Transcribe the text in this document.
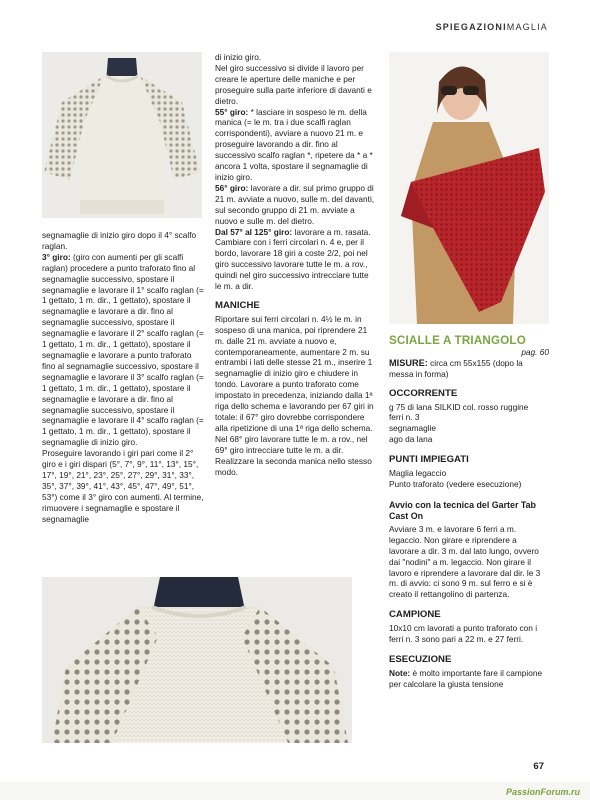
SPIEGAZIONIMAGLIA

segnamaglie di inizio giro dopo il 4° scalfo raglan.

3° giro: (giro con aumenti per gli scalfi raglan) procedere a punto traforato fino al segnamaglie successivo, spostare il segnamaglie e lavorare il 1° scalfo raglan (= 1 gettato, 1 m. dir., 1 gettato), spostare il segnamaglie e lavorare a dir. fino al segnamaglie successivo, spostare il segnamaglie e lavorare il 2° scalfo raglan (= 1 gettato, 1 m. dir., 1 gettato), spostare il segnamaglie e lavorare a punto traforato fino al segnamaglie successivo, spostare il segnamaglie e lavorare il 3° scalfo raglan (= 1 gettato, 1 m. dir., 1 gettato), spostare il segnamaglie e lavorare a dir. fino al segnamaglie successivo, spostare il segnamaglie e lavorare il 4° scalfo raglan (= 1 gettato, 1 m. dir., 1 gettato), spostare il segnamaglie di inizio giro.

Proseguire lavorando i giri pari come il 2° giro e i giri dispari (5°, 7°, 9°, 11°, 13°, 15°, 17°, 19°, 21°, 23°, 25°, 27°, 29°, 31°, 33°, 35°, 37°, 39°, 41°, 43°, 45°, 47°, 49°, 51°, 53°) come il 3° giro con aumenti. Al termine, rimuovere i segnamaglie e spostare il segnamaglie

di inizio giro.

Nel giro successivo si divide il lavoro per creare le aperture delle maniche e per proseguire sulla parte inferiore di davanti e dietro.

55° giro: * lasciare in sospeso le m. della manica (= le m. tra i due scalfi raglan corrispondenti), avviare a nuovo 21 m. e proseguire lavorando a dir. fino al successivo scalfo raglan *, ripetere da * a * ancora 1 volta, spostare il segnamaglie di inizio giro.

56° giro: lavorare a dir. sul primo gruppo di 21 m. avviate a nuovo, sulle m. del davanti, sul secondo gruppo di 21 m. avviate a nuovo e sulle m. del dietro.

Dal 57° al 125° giro: lavorare a m. rasata. Cambiare con i ferri circolari n. 4 e, per il bordo, lavorare 18 giri a coste 2/2, poi nel giro successivo lavorare tutte le m. a rov., quindi nel giro successivo intrecciare tutte le m. a dir.

MANICHE

Riportare sui ferri circolari n. 4½ le m. in sospeso di una manica, poi riprendere 21 m. dalle 21 m. avviate a nuovo e, contemporaneamente, aumentare 2 m. su entrambi i lati delle stesse 21 m., inserire 1 segnamaglie di inizio giro e chiudere in tondo. Lavorare a punto traforato come impostato in precedenza, iniziando dalla 1ª riga dello schema e lavorando per 67 giri in totale: il 67° giro dovrebbe corrispondere alla ripetizione di una 1ª riga dello schema. Nel 68° giro lavorare tutte le m. a rov., nel 69° giro intrecciare tutte le m. a dir.

Realizzare la seconda manica nello stesso modo.

SCIALLE A TRIANGOLO
pag. 60

MISURE: circa cm 55x155 (dopo la messa in forma)

OCCORRENTE
g 75 di lana SILKID col. rosso ruggine
ferri n. 3
segnamaglie
ago da lana
PUNTI IMPIEGATI
Maglia legaccio
Punto traforato (vedere esecuzione)
Avvio con la tecnica del Garter Tab Cast On

Avviare 3 m. e lavorare 6 ferri a m. legaccio. Non girare e riprendere a lavorare a dir. 3 m. dal lato lungo, ovvero dai "nodini" a m. legaccio. Non girare il lavoro e riprendere a lavorare dal dir. le 3 m. di avvio: ci sono 9 m. sul ferro e si è creato il rettangolino di partenza.

CAMPIONE

10x10 cm lavorati a punto traforato con i ferri n. 3 sono pari a 22 m. e 27 ferri.

ESECUZIONE

Note: è molto importante fare il campione per calcolare la giusta tensione

67
PassionForum.ru
